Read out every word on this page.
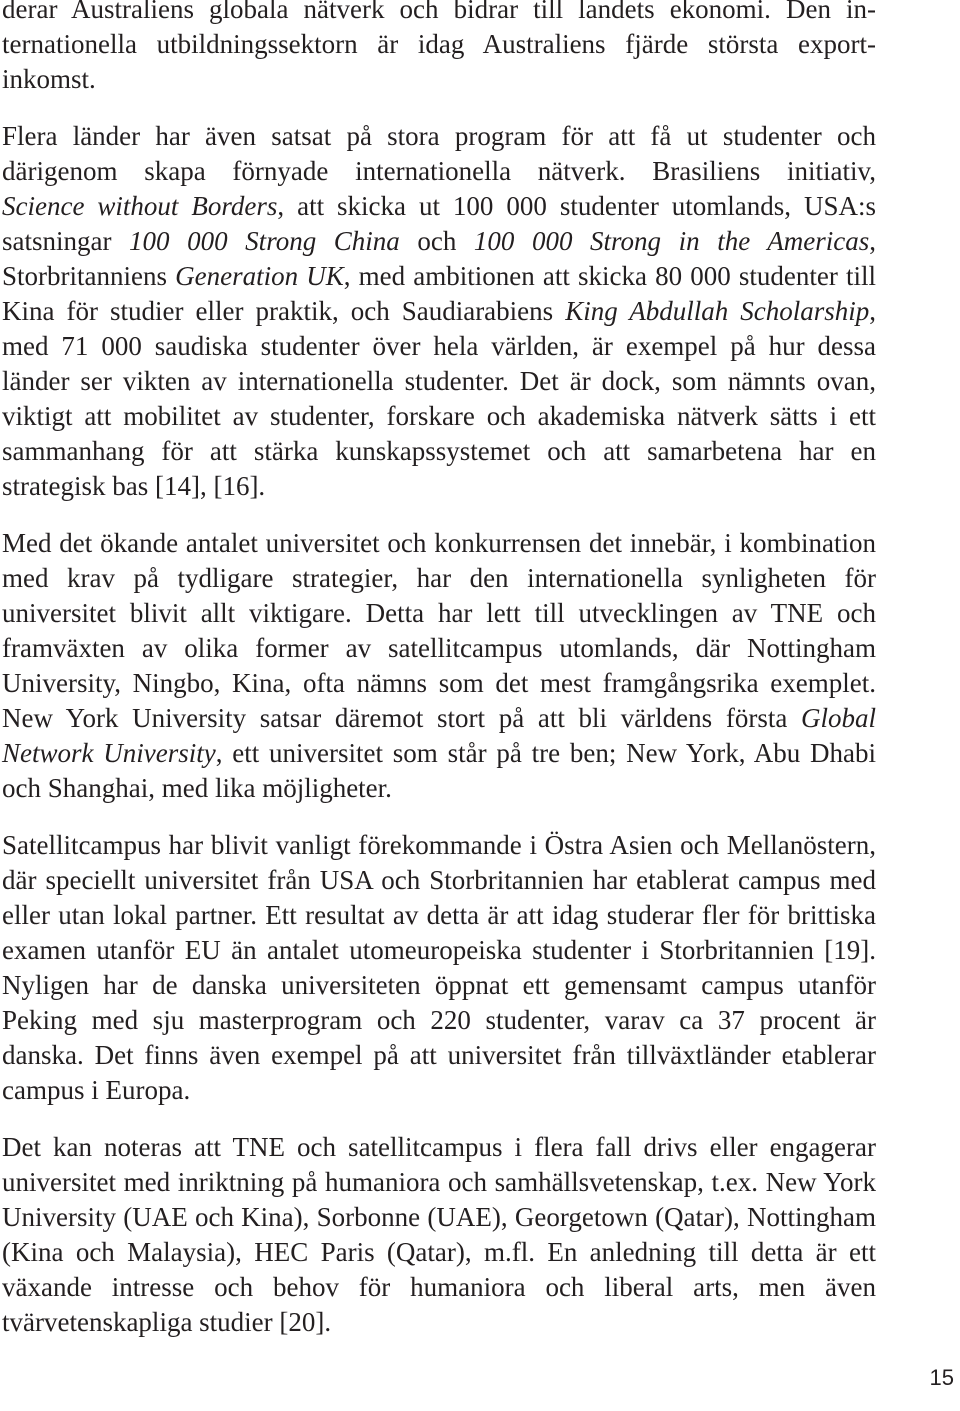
derar Australiens globala nätverk och bidrar till landets ekonomi. Den in-
ternationella utbildningssektorn är idag Australiens fjärde största export-
inkomst.
Flera länder har även satsat på stora program för att få ut studenter och
därigenom skapa förnyade internationella nätverk. Brasiliens initiativ,
Science without Borders, att skicka ut 100 000 studenter utomlands, USA:s satsningar 100 000 Strong China och 100 000 Strong in the Americas, Storbritanniens Generation UK, med ambitionen att skicka 80 000 studenter till Kina för studier eller praktik, och Saudiarabiens King Abdullah Scholarship, med 71 000 saudiska studenter över hela världen, är exempel på hur dessa länder ser vikten av internationella studenter. Det är dock, som nämnts ovan, viktigt att mobilitet av studenter, forskare och akademiska nätverk sätts i ett sammanhang för att stärka kunskapssystemet och att samarbetena har en strategisk bas [14], [16].
Med det ökande antalet universitet och konkurrensen det innebär, i kombination med krav på tydligare strategier, har den internationella synligheten för universitet blivit allt viktigare. Detta har lett till utvecklingen av TNE och framväxten av olika former av satellitcampus utomlands, där Nottingham University, Ningbo, Kina, ofta nämns som det mest framgångsrika exemplet. New York University satsar däremot stort på att bli världens första Global Network University, ett universitet som står på tre ben; New York, Abu Dhabi och Shanghai, med lika möjligheter.
Satellitcampus har blivit vanligt förekommande i Östra Asien och Mellanöstern, där speciellt universitet från USA och Storbritannien har etablerat campus med eller utan lokal partner. Ett resultat av detta är att idag studerar fler för brittiska examen utanför EU än antalet utomeuropeiska studenter i Storbritannien [19]. Nyligen har de danska universiteten öppnat ett gemensamt campus utanför Peking med sju masterprogram och 220 studenter, varav ca 37 procent är danska. Det finns även exempel på att universitet från tillväxtländer etablerar campus i Europa.
Det kan noteras att TNE och satellitcampus i flera fall drivs eller engagerar universitet med inriktning på humaniora och samhällsvetenskap, t.ex. New York University (UAE och Kina), Sorbonne (UAE), Georgetown (Qatar), Nottingham (Kina och Malaysia), HEC Paris (Qatar), m.fl. En anledning till detta är ett växande intresse och behov för humaniora och liberal arts, men även tvärvetenskapliga studier [20].
15
